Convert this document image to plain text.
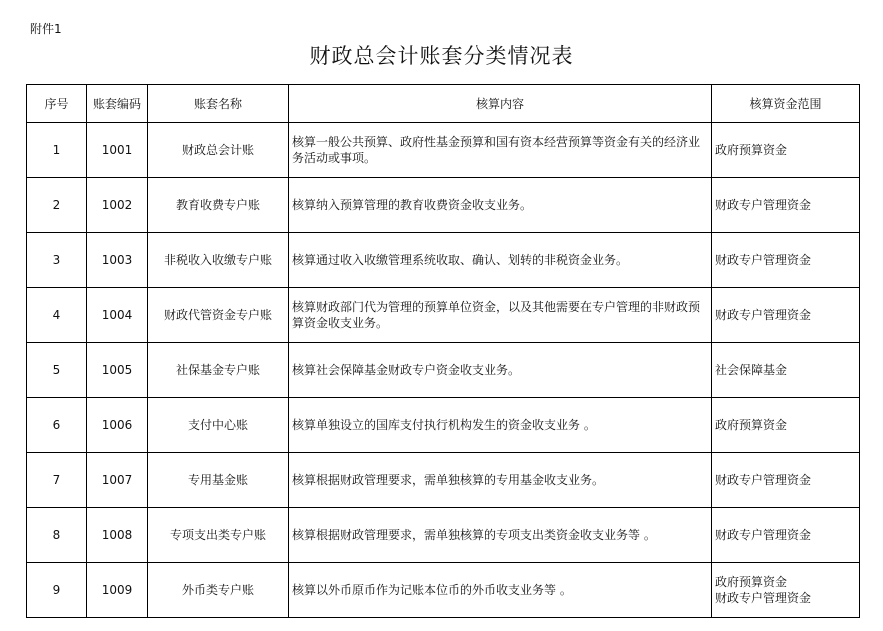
附件1
财政总会计账套分类情况表
序号	账套编码	账套名称	核算内容	核算资金范围
1	1001	财政总会计账	核算一般公共预算、政府性基金预算和国有资本经营预算等资金有关的经济业务活动或事项。	政府预算资金

2	1002	教育收费专户账	核算纳入预算管理的教育收费资金收支业务。	财政专户管理资金

3	1003	非税收入收缴专户账	核算通过收入收缴管理系统收取、确认、划转的非税资金业务。	财政专户管理资金

4	1004	财政代管资金专户账	核算财政部门代为管理的预算单位资金，以及其他需要在专户管理的非财政预算资金收支业务。	财政专户管理资金

5	1005	社保基金专户账	核算社会保障基金财政专户资金收支业务。	社会保障基金

6	1006	支付中心账	核算单独设立的国库支付执行机构发生的资金收支业务 。	政府预算资金

7	1007	专用基金账	核算根据财政管理要求，需单独核算的专用基金收支业务。	财政专户管理资金

8	1008	专项支出类专户账	核算根据财政管理要求，需单独核算的专项支出类资金收支业务等 。	财政专户管理资金

9	1009	外币类专户账	核算以外币原币作为记账本位币的外币收支业务等 。	政府预算资金
财政专户管理资金
